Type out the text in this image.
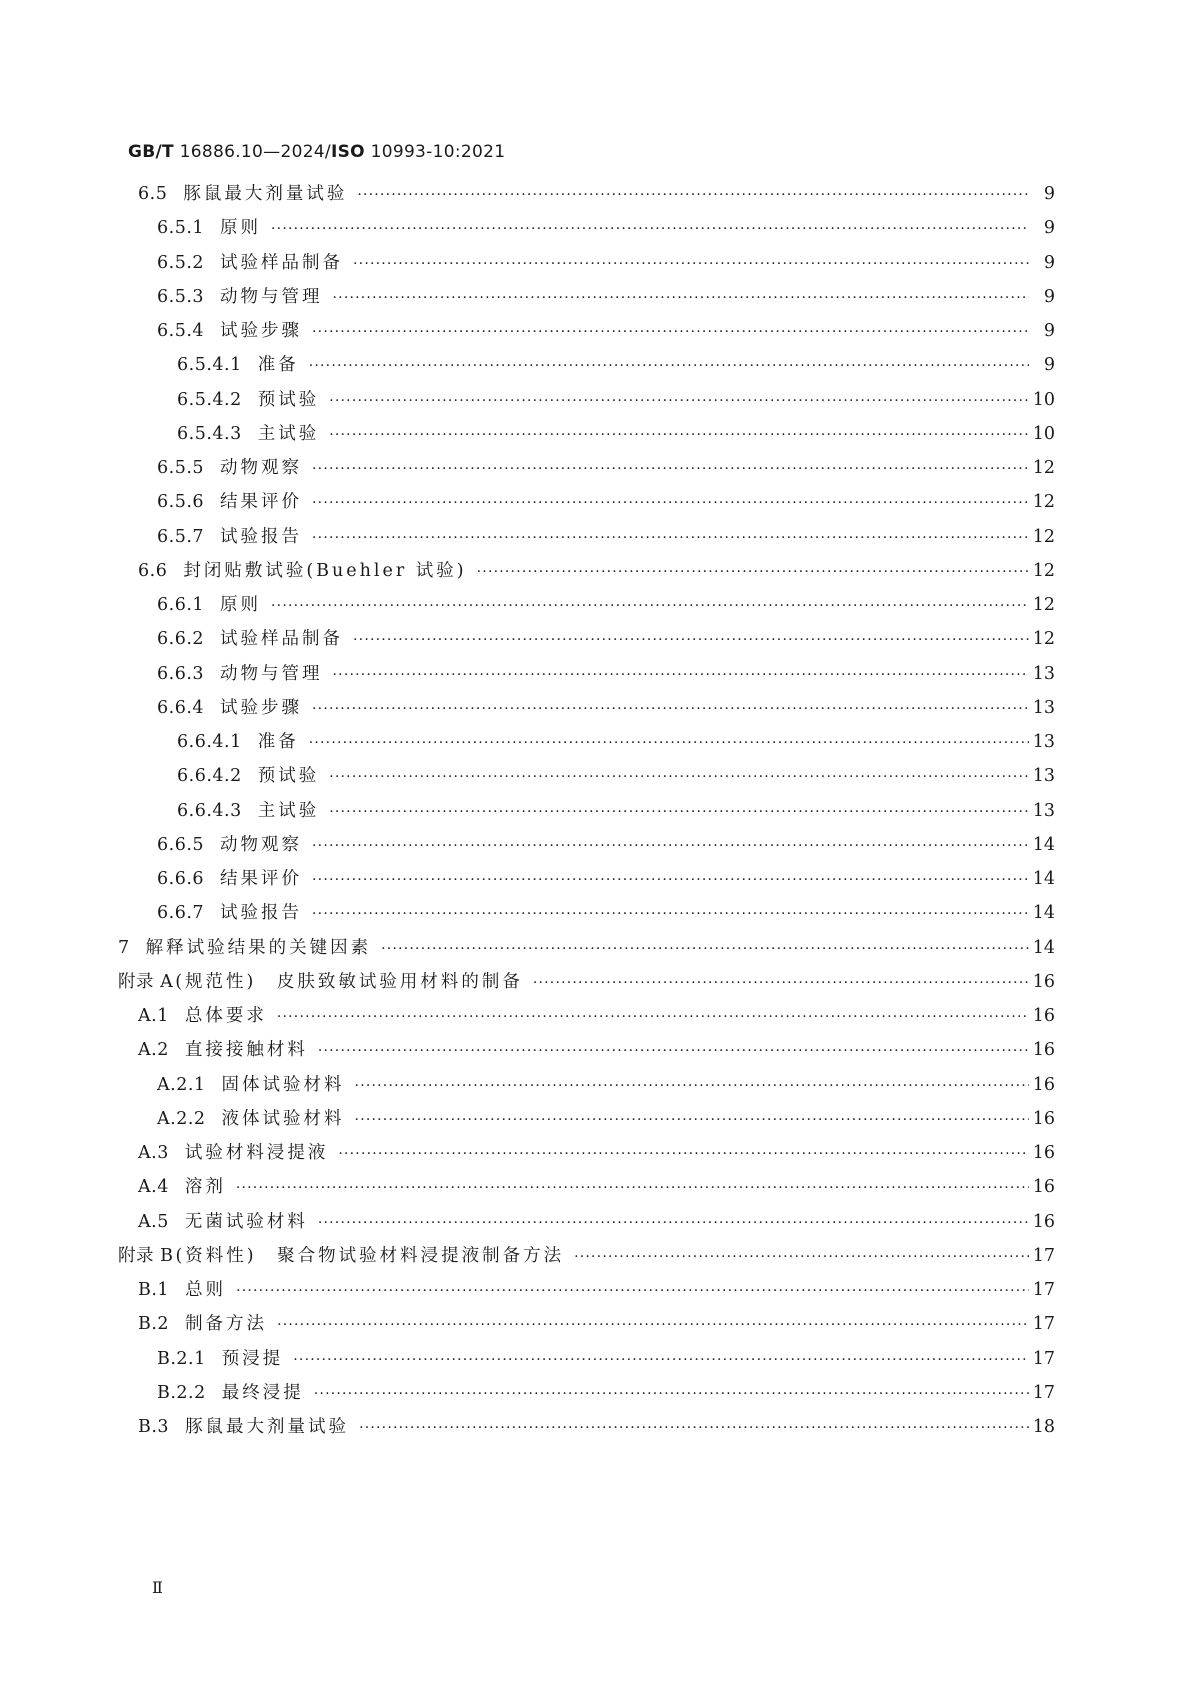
GB/T 16886.10—2024/ISO 10993-10:2021
6.5 豚鼠最大剂量试验 ·····	9
6.5.1 原则 ·····	9
6.5.2 试验样品制备 ·····	9
6.5.3 动物与管理 ·····	9
6.5.4 试验步骤 ·····	9
6.5.4.1 准备 ·····	9
6.5.4.2 预试验 ·····	10
6.5.4.3 主试验 ·····	10
6.5.5 动物观察 ·····	12
6.5.6 结果评价 ·····	12
6.5.7 试验报告 ·····	12
6.6 封闭贴敷试验(Buehler 试验) ·····	12
6.6.1 原则 ·····	12
6.6.2 试验样品制备 ·····	12
6.6.3 动物与管理 ·····	13
6.6.4 试验步骤 ·····	13
6.6.4.1 准备 ·····	13
6.6.4.2 预试验 ·····	13
6.6.4.3 主试验 ·····	13
6.6.5 动物观察 ·····	14
6.6.6 结果评价 ·····	14
6.6.7 试验报告 ·····	14
7 解释试验结果的关键因素 ·····	14
附录 A (规范性)　皮肤致敏试验用材料的制备 ·····	16
A.1 总体要求 ·····	16
A.2 直接接触材料 ·····	16
A.2.1 固体试验材料 ·····	16
A.2.2 液体试验材料 ·····	16
A.3 试验材料浸提液 ·····	16
A.4 溶剂 ·····	16
A.5 无菌试验材料 ·····	16
附录 B (资料性)　聚合物试验材料浸提液制备方法 ·····	17
B.1 总则 ·····	17
B.2 制备方法 ·····	17
B.2.1 预浸提 ·····	17
B.2.2 最终浸提 ·····	17
B.3 豚鼠最大剂量试验 ·····	18
Ⅱ
